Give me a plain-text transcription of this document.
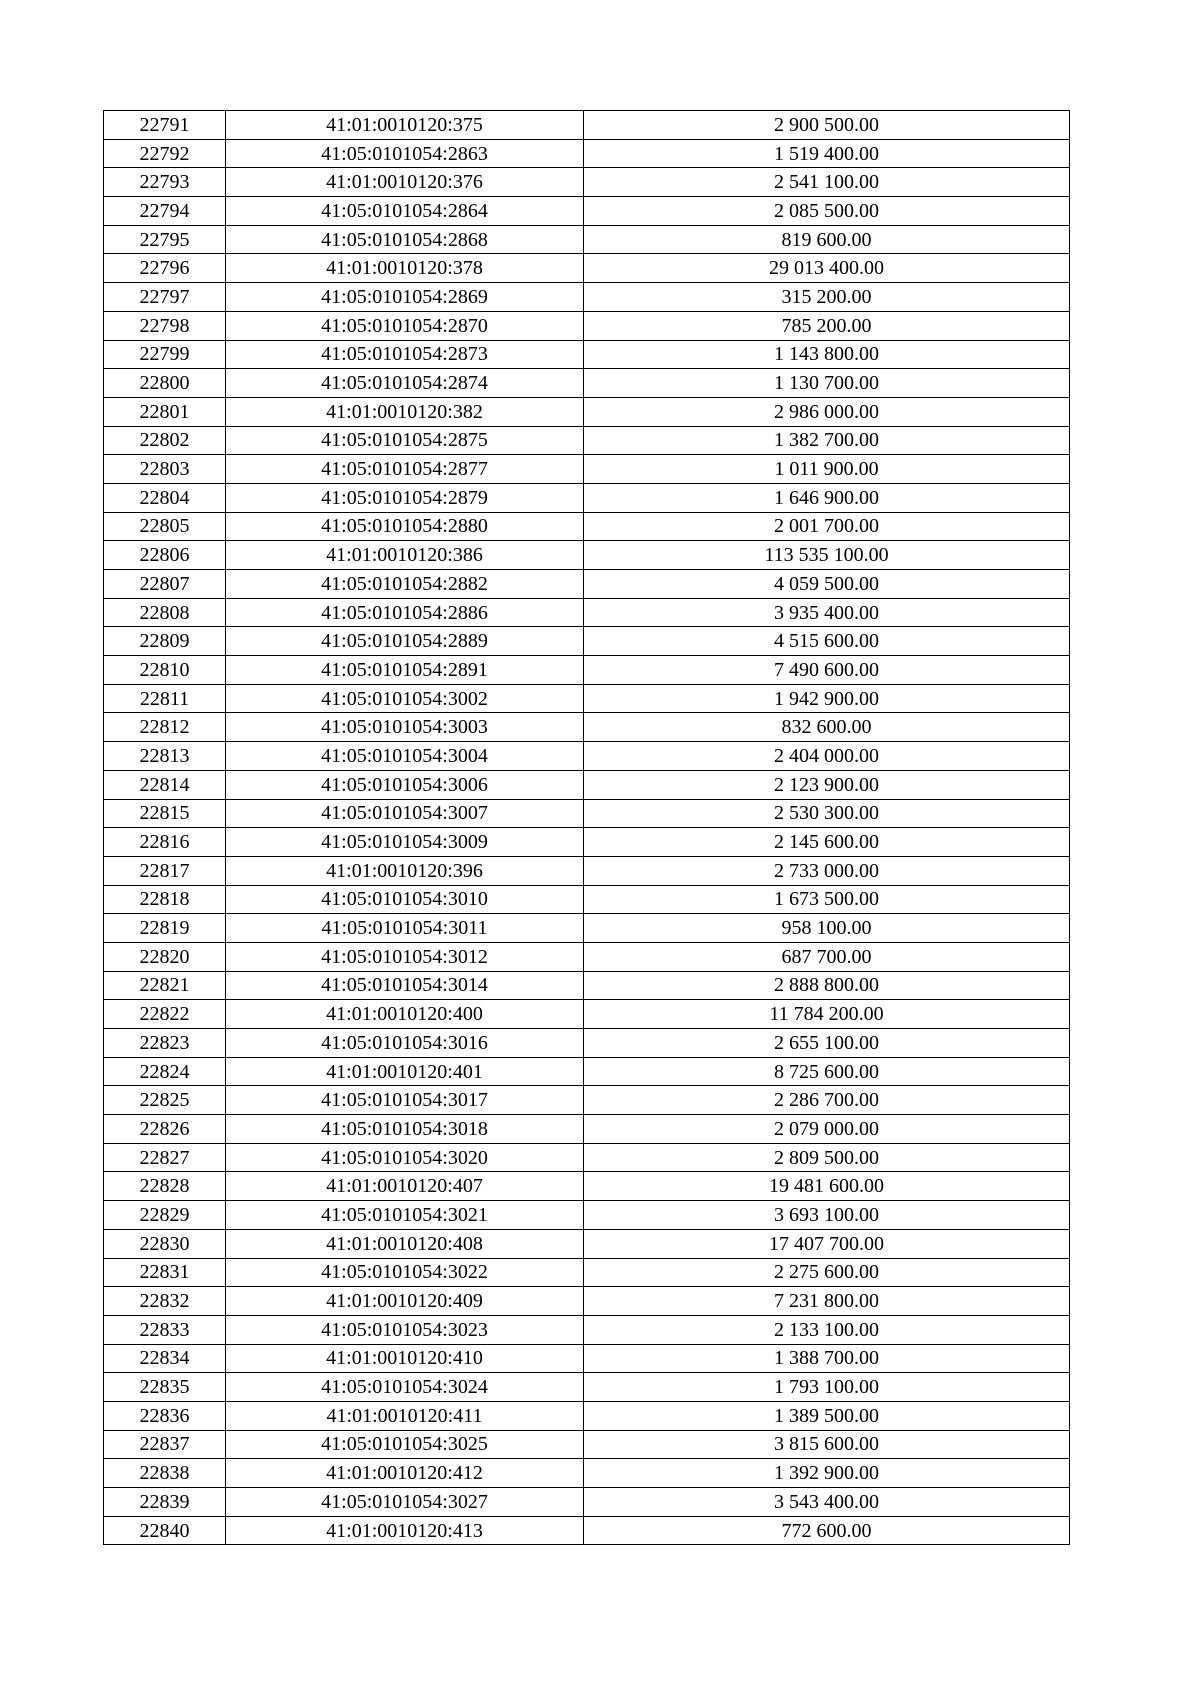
22791	41:01:0010120:375	2 900 500.00
22792	41:05:0101054:2863	1 519 400.00
22793	41:01:0010120:376	2 541 100.00
22794	41:05:0101054:2864	2 085 500.00
22795	41:05:0101054:2868	819 600.00
22796	41:01:0010120:378	29 013 400.00
22797	41:05:0101054:2869	315 200.00
22798	41:05:0101054:2870	785 200.00
22799	41:05:0101054:2873	1 143 800.00
22800	41:05:0101054:2874	1 130 700.00
22801	41:01:0010120:382	2 986 000.00
22802	41:05:0101054:2875	1 382 700.00
22803	41:05:0101054:2877	1 011 900.00
22804	41:05:0101054:2879	1 646 900.00
22805	41:05:0101054:2880	2 001 700.00
22806	41:01:0010120:386	113 535 100.00
22807	41:05:0101054:2882	4 059 500.00
22808	41:05:0101054:2886	3 935 400.00
22809	41:05:0101054:2889	4 515 600.00
22810	41:05:0101054:2891	7 490 600.00
22811	41:05:0101054:3002	1 942 900.00
22812	41:05:0101054:3003	832 600.00
22813	41:05:0101054:3004	2 404 000.00
22814	41:05:0101054:3006	2 123 900.00
22815	41:05:0101054:3007	2 530 300.00
22816	41:05:0101054:3009	2 145 600.00
22817	41:01:0010120:396	2 733 000.00
22818	41:05:0101054:3010	1 673 500.00
22819	41:05:0101054:3011	958 100.00
22820	41:05:0101054:3012	687 700.00
22821	41:05:0101054:3014	2 888 800.00
22822	41:01:0010120:400	11 784 200.00
22823	41:05:0101054:3016	2 655 100.00
22824	41:01:0010120:401	8 725 600.00
22825	41:05:0101054:3017	2 286 700.00
22826	41:05:0101054:3018	2 079 000.00
22827	41:05:0101054:3020	2 809 500.00
22828	41:01:0010120:407	19 481 600.00
22829	41:05:0101054:3021	3 693 100.00
22830	41:01:0010120:408	17 407 700.00
22831	41:05:0101054:3022	2 275 600.00
22832	41:01:0010120:409	7 231 800.00
22833	41:05:0101054:3023	2 133 100.00
22834	41:01:0010120:410	1 388 700.00
22835	41:05:0101054:3024	1 793 100.00
22836	41:01:0010120:411	1 389 500.00
22837	41:05:0101054:3025	3 815 600.00
22838	41:01:0010120:412	1 392 900.00
22839	41:05:0101054:3027	3 543 400.00
22840	41:01:0010120:413	772 600.00
